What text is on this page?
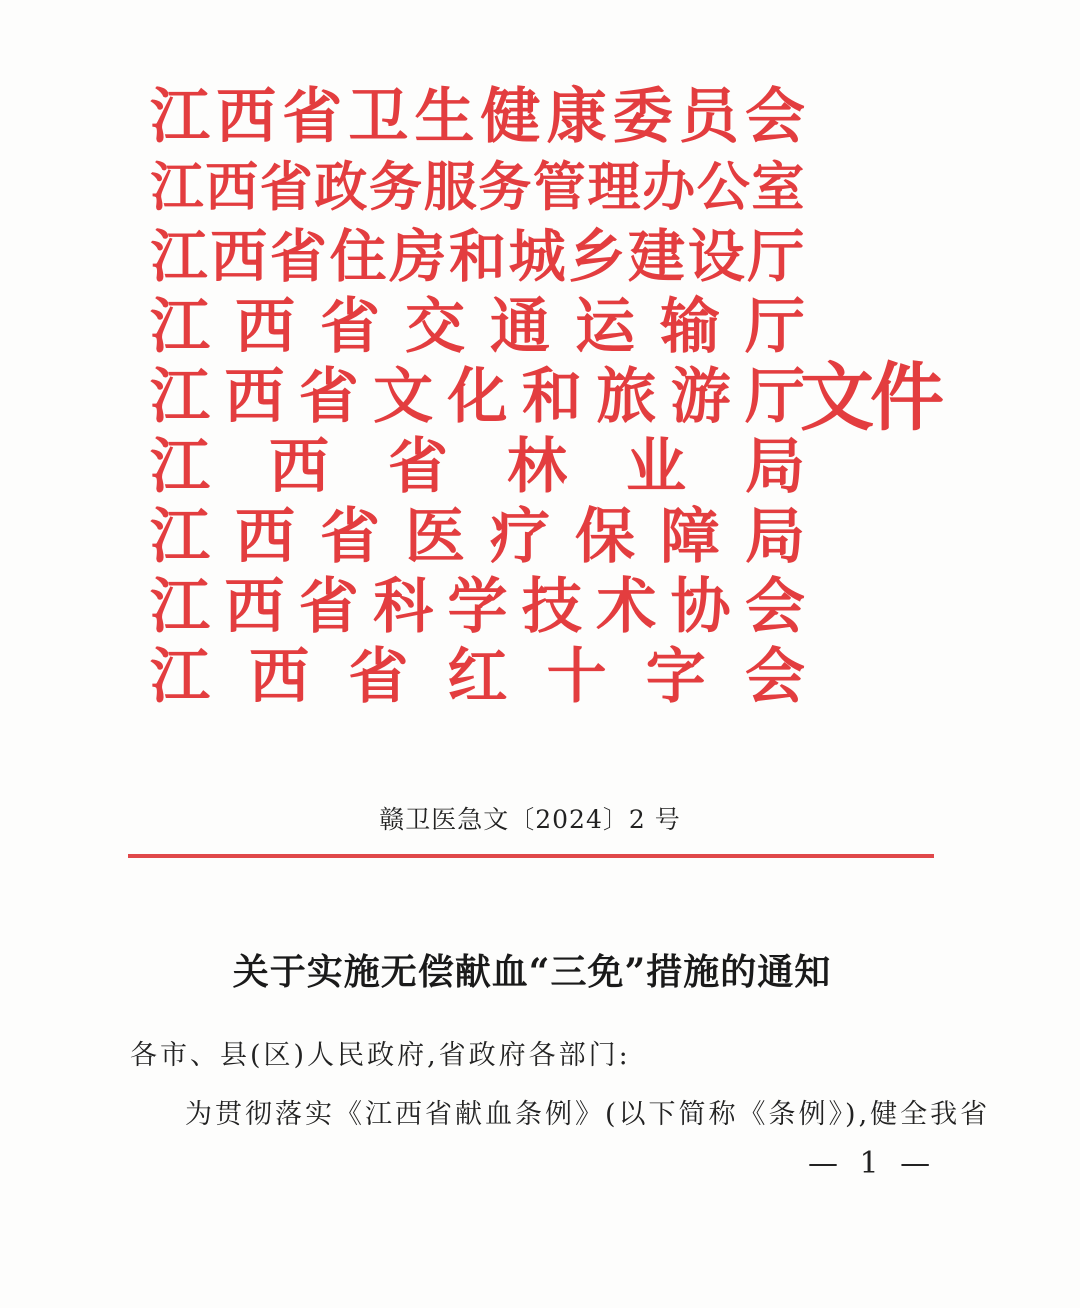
江 西 省 卫 生 健 康 委 员 会
江 西 省 政 务 服 务 管 理 办 公 室
江 西 省 住 房 和 城 乡 建 设 厅
江 西 省 交 通 运 输 厅
江 西 省 文 化 和 旅 游 厅
江 西 省 林 业 局
江 西 省 医 疗 保 障 局
江 西 省 科 学 技 术 协 会
江 西 省 红 十 字 会
文件
赣卫医急文〔2024〕2 号
关于实施无偿献血“三免”措施的通知
各市、县(区)人民政府,省政府各部门:
为贯彻落实《江西省献血条例》(以下简称《条例》),健全我省
— 1 —
